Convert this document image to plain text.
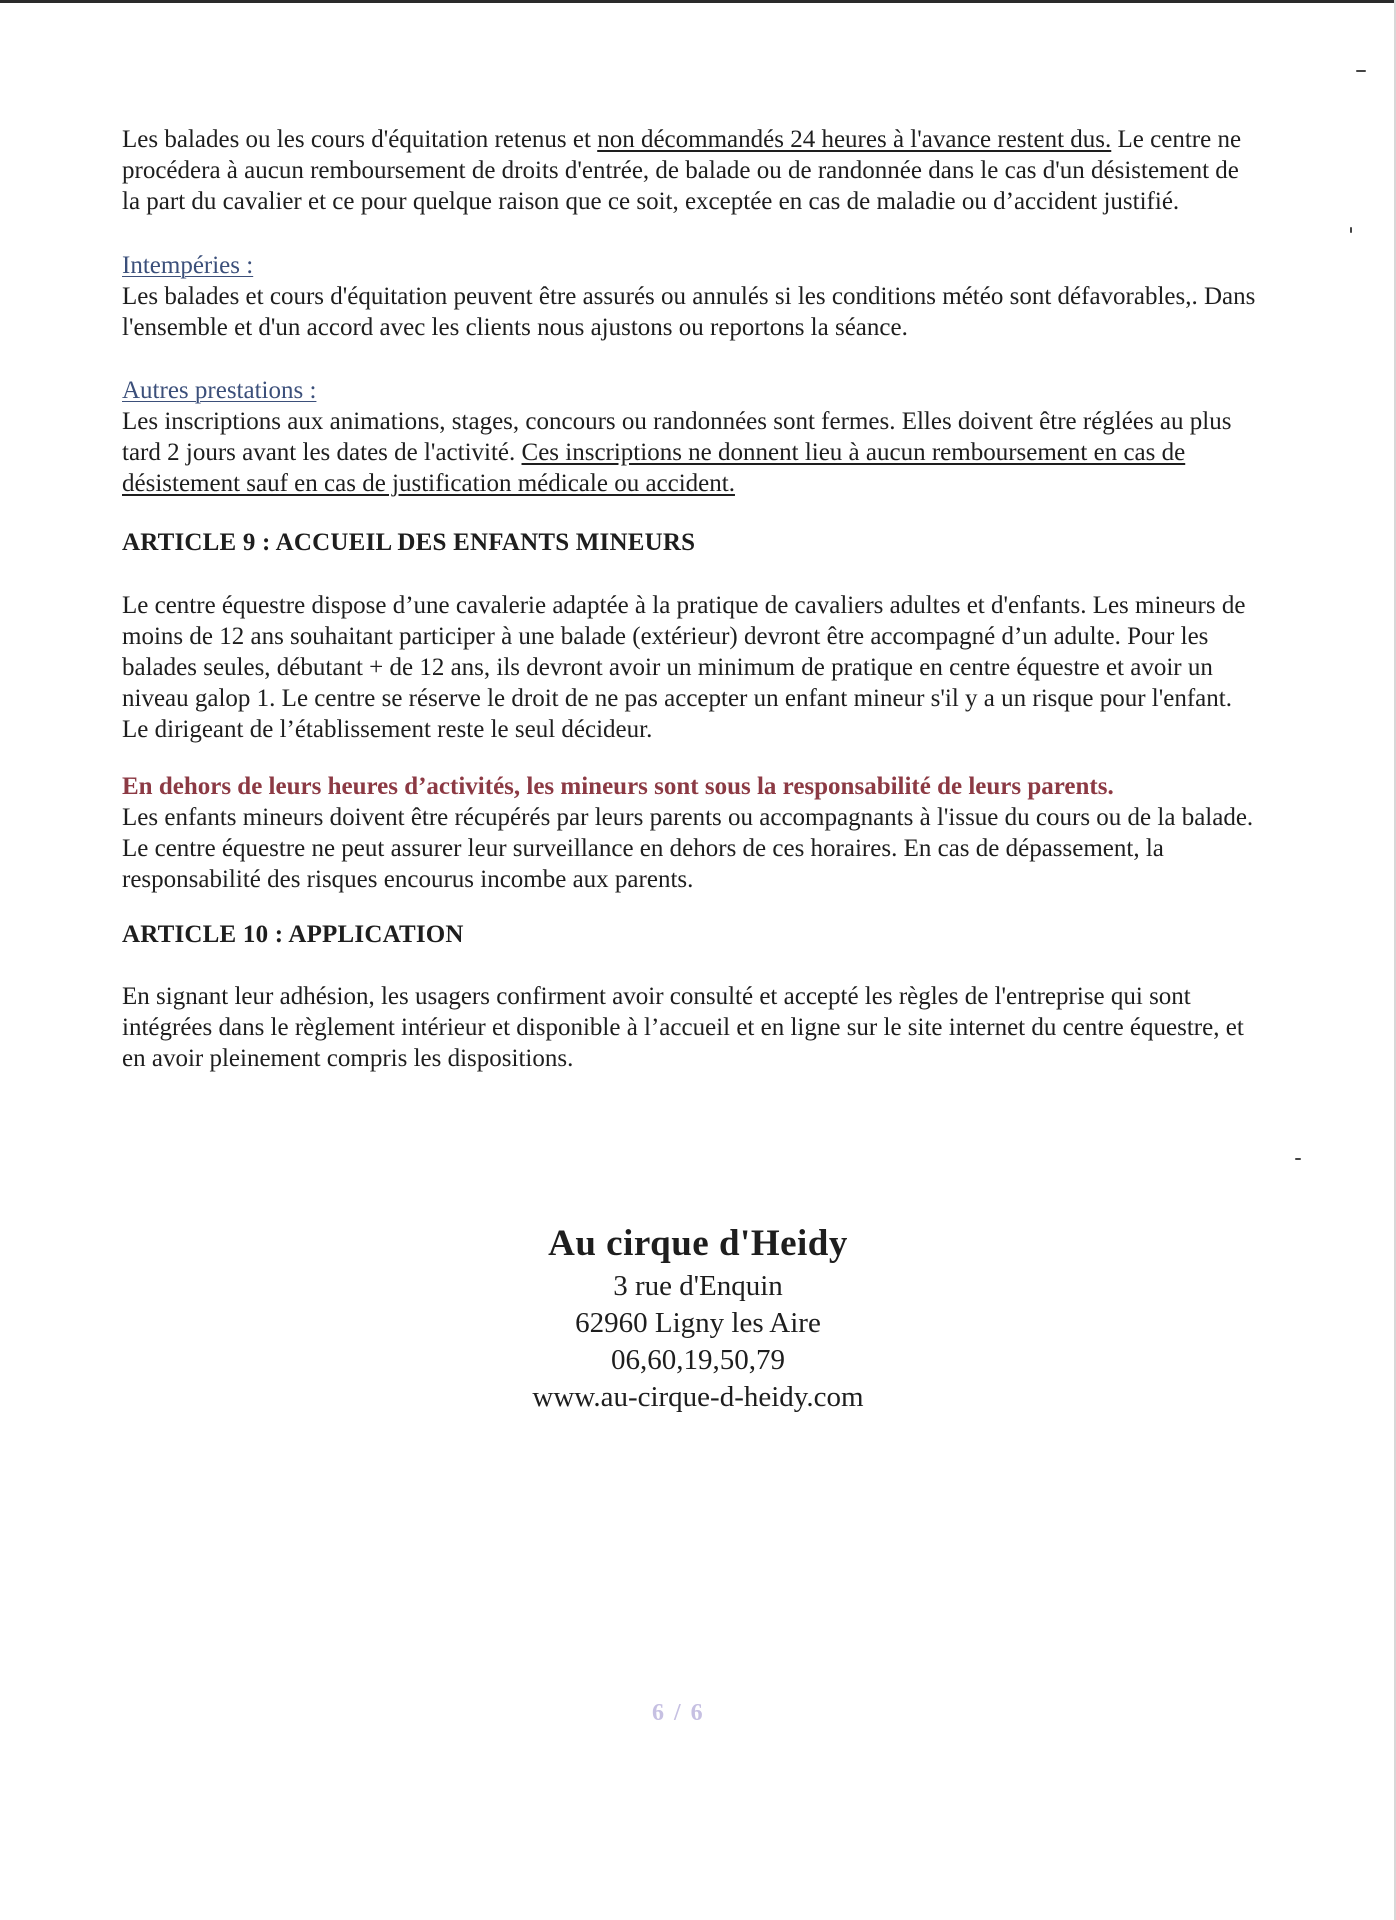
Les balades ou les cours d'équitation retenus et non décommandés 24 heures à l'avance restent dus. Le centre ne procédera à aucun remboursement de droits d'entrée, de balade ou de randonnée dans le cas d'un désistement de la part du cavalier et ce pour quelque raison que ce soit, exceptée en cas de maladie ou d’accident justifié.

Intempéries :

Les balades et cours d'équitation peuvent être assurés ou annulés si les conditions météo sont défavorables,. Dans l'ensemble et d'un accord avec les clients nous ajustons ou reportons la séance.

Autres prestations :

Les inscriptions aux animations, stages, concours ou randonnées sont fermes. Elles doivent être réglées au plus tard 2 jours avant les dates de l'activité. Ces inscriptions ne donnent lieu à aucun remboursement en cas de désistement sauf en cas de justification médicale ou accident.

ARTICLE 9 : ACCUEIL DES ENFANTS MINEURS

Le centre équestre dispose d’une cavalerie adaptée à la pratique de cavaliers adultes et d'enfants. Les mineurs de moins de 12 ans souhaitant participer à une balade (extérieur) devront être accompagné d’un adulte. Pour les balades seules, débutant + de 12 ans, ils devront avoir un minimum de pratique en centre équestre et avoir un niveau galop 1. Le centre se réserve le droit de ne pas accepter un enfant mineur s'il y a un risque pour l'enfant. Le dirigeant de l’établissement reste le seul décideur.

En dehors de leurs heures d’activités, les mineurs sont sous la responsabilité de leurs parents.

Les enfants mineurs doivent être récupérés par leurs parents ou accompagnants à l'issue du cours ou de la balade. Le centre équestre ne peut assurer leur surveillance en dehors de ces horaires. En cas de dépassement, la responsabilité des risques encourus incombe aux parents.

ARTICLE 10 : APPLICATION

En signant leur adhésion, les usagers confirment avoir consulté et accepté les règles de l'entreprise qui sont intégrées dans le règlement intérieur et disponible à l’accueil et en ligne sur le site internet du centre équestre, et en avoir pleinement compris les dispositions.

Au cirque d'Heidy
3 rue d'Enquin
62960 Ligny les Aire
06,60,19,50,79
www.au-cirque-d-heidy.com
6 / 6
